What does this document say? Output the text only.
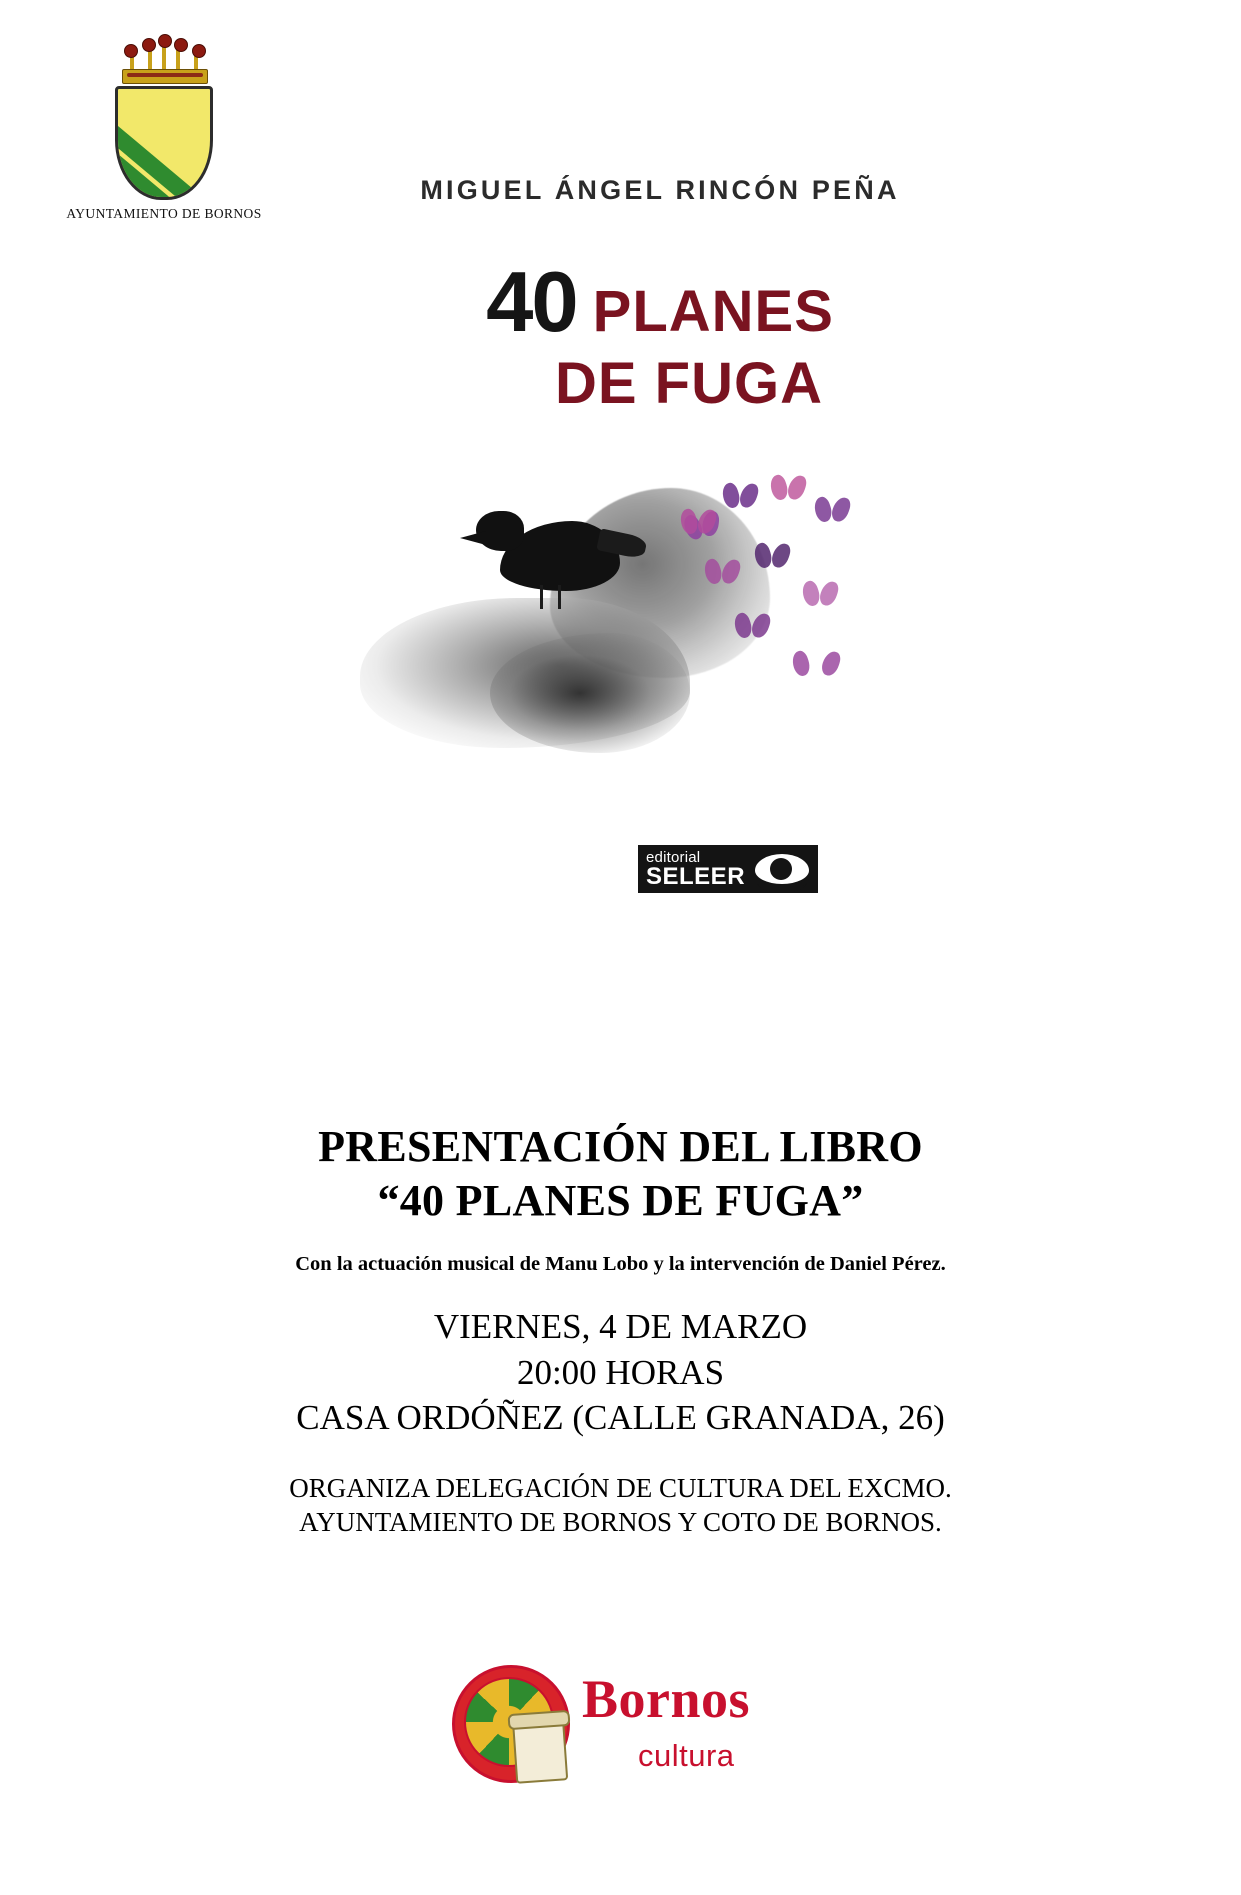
AYUNTAMIENTO DE BORNOS
MIGUEL ÁNGEL RINCÓN PEÑA
40 PLANES
DE FUGA
editorial
SELEER
PRESENTACIÓN DEL LIBRO
“40 PLANES DE FUGA”
Con la actuación musical de Manu Lobo y la intervención de Daniel Pérez.
VIERNES, 4 DE MARZO
20:00 HORAS
CASA ORDÓÑEZ (CALLE GRANADA, 26)
ORGANIZA DELEGACIÓN DE CULTURA DEL EXCMO.
AYUNTAMIENTO DE BORNOS Y COTO DE BORNOS.
Bornos
cultura
